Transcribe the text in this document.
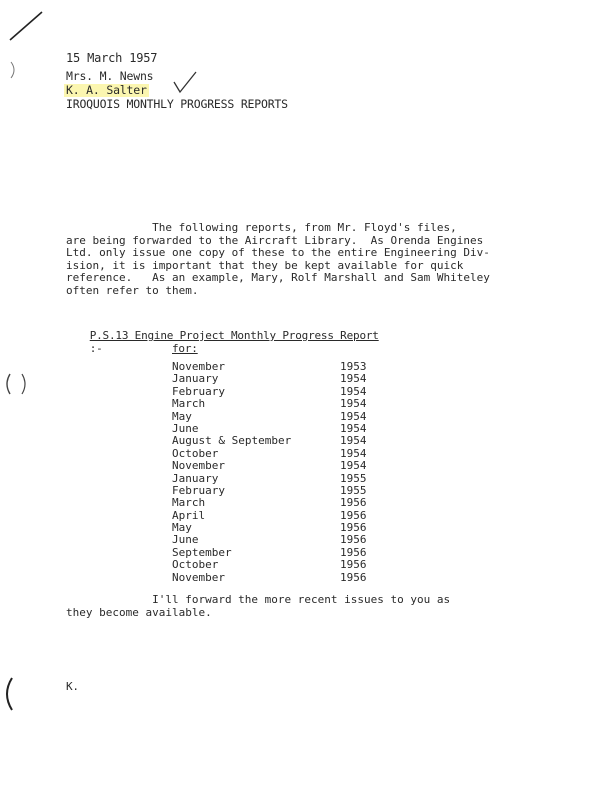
15 March 1957
Mrs. M. Newns
K. A. Salter
IROQUOIS MONTHLY PROGRESS REPORTS
The following reports, from Mr. Floyd's files,
are being forwarded to the Aircraft Library.  As Orenda Engines
Ltd. only issue one copy of these to the entire Engineering Div-
ision, it is important that they be kept available for quick
reference.   As an example, Mary, Rolf Marshall and Sam Whiteley
often refer to them.

P.S.13 Engine Project Monthly Progress Report
:-
	for:
November	1953
January	1954
February	1954
March	1954
May	1954
June	1954
August & September	1954
October	1954
November	1954
January	1955
February	1955
March	1956
April	1956
May	1956
June	1956
September	1956
October	1956
November	1956
I'll forward the more recent issues to you as
they become available.
K.
